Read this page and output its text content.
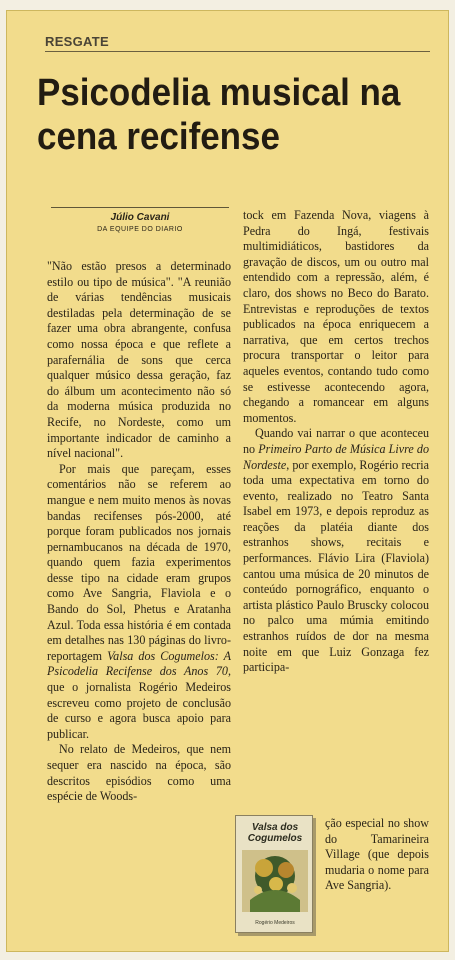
RESGATE
Psicodelia musical na cena recifense
Júlio Cavani
DA EQUIPE DO DIARIO

"Não estão presos a determinado estilo ou tipo de música". "A reunião de várias tendências musicais destiladas pela determinação de se fazer uma obra abrangente, confusa como nossa época e que reflete a parafernália de sons que cerca qualquer músico dessa geração, faz do álbum um acontecimento não só da moderna música produzida no Recife, no Nordeste, como um importante indicador de caminho a nível nacional".

Por mais que pareçam, esses comentários não se referem ao mangue e nem muito menos às novas bandas recifenses pós-2000, até porque foram publicados nos jornais pernambucanos na década de 1970, quando quem fazia experimentos desse tipo na cidade eram grupos como Ave Sangria, Flaviola e o Bando do Sol, Phetus e Aratanha Azul. Toda essa história é em contada em detalhes nas 130 páginas do livro-reportagem Valsa dos Cogumelos: A Psicodelia Recifense dos Anos 70, que o jornalista Rogério Medeiros escreveu como projeto de conclusão de curso e agora busca apoio para publicar.

No relato de Medeiros, que nem sequer era nascido na época, são descritos episódios como uma espécie de Woods-

tock em Fazenda Nova, viagens à Pedra do Ingá, festivais multimidiáticos, bastidores da gravação de discos, um ou outro mal entendido com a repressão, além, é claro, dos shows no Beco do Barato. Entrevistas e reproduções de textos publicados na época enriquecem a narrativa, que em certos trechos procura transportar o leitor para aqueles eventos, contando tudo como se estivesse acontecendo agora, chegando a romancear em alguns momentos.

Quando vai narrar o que aconteceu no Primeiro Parto de Música Livre do Nordeste, por exemplo, Rogério recria toda uma expectativa em torno do evento, realizado no Teatro Santa Isabel em 1973, e depois reproduz as reações da platéia diante dos estranhos shows, recitais e performances. Flávio Lira (Flaviola) cantou uma música de 20 minutos de conteúdo pornográfico, enquanto o artista plástico Paulo Bruscky colocou no palco uma múmia emitindo estranhos ruídos de dor na mesma noite em que Luiz Gonzaga fez participa-

Valsa dos Cogumelos
Rogério Medeiros
ção especial no show do Tamarineira Village (que depois mudaria o nome para Ave Sangria).
